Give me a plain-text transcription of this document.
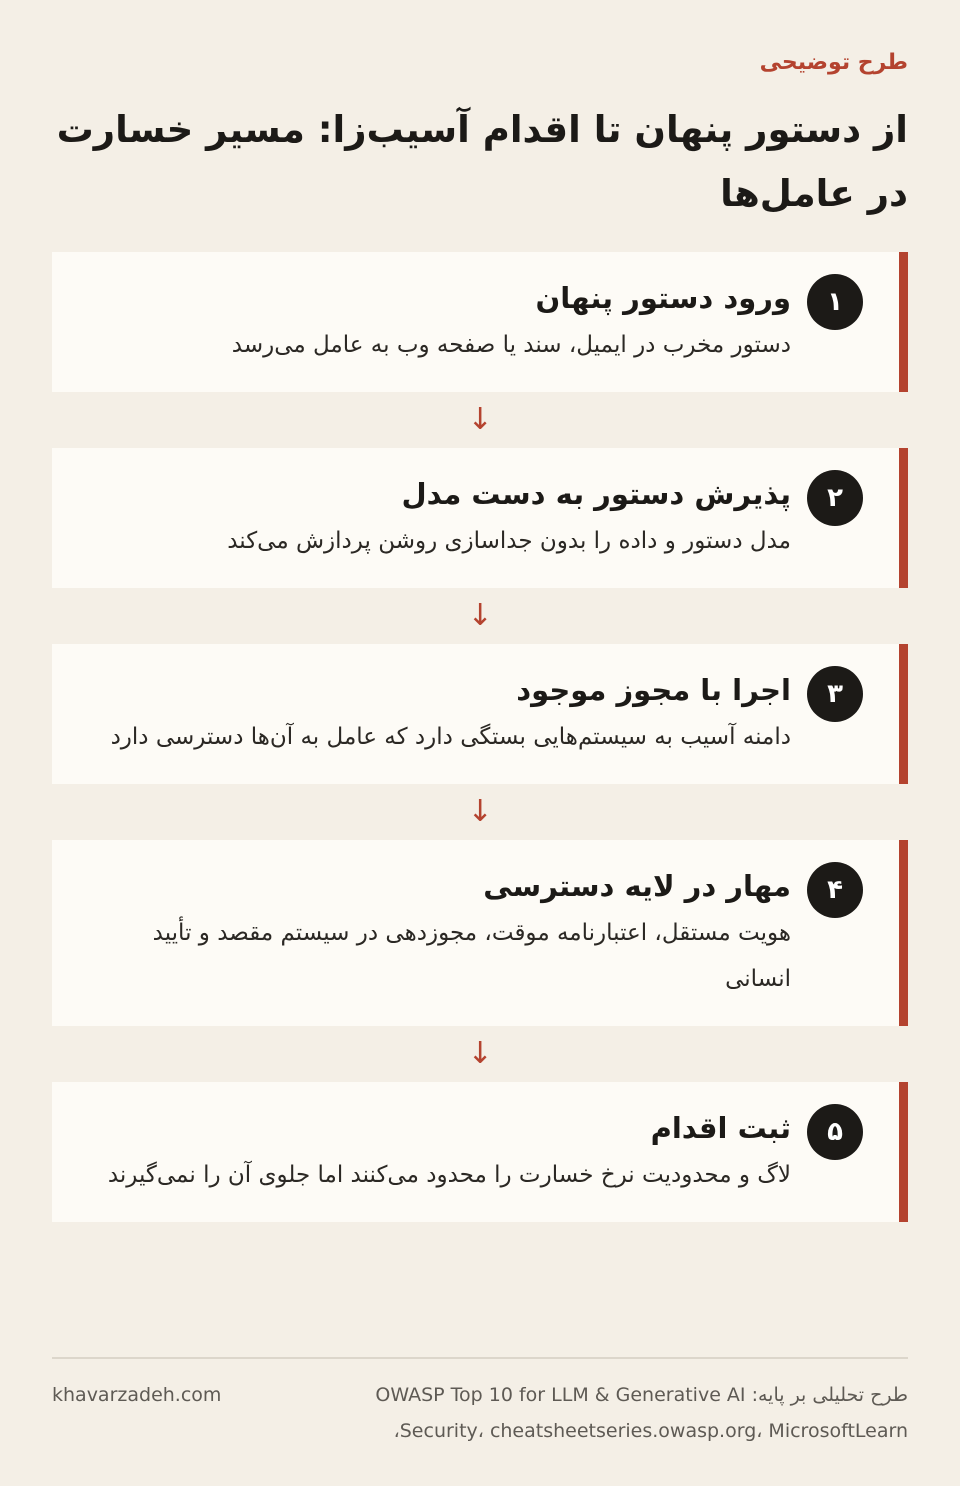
طرح توضیحی
از دستور پنهان تا اقدام آسیب‌زا: مسیر خسارت در عامل‌ها
۱
ورود دستور پنهان
دستور مخرب در ایمیل، سند یا صفحه وب به عامل می‌رسد
↓
۲
پذیرش دستور به دست مدل
مدل دستور و داده را بدون جداسازی روشن پردازش می‌کند
↓
۳
اجرا با مجوز موجود
دامنه آسیب به سیستم‌هایی بستگی دارد که عامل به آن‌ها دسترسی دارد
↓
۴
مهار در لایه دسترسی
هویت مستقل، اعتبارنامه موقت، مجوزدهی در سیستم مقصد و تأیید انسانی
↓
۵
ثبت اقدام
لاگ و محدودیت نرخ خسارت را محدود می‌کنند اما جلوی آن را نمی‌گیرند
طرح تحلیلی بر پایه: OWASP Top 10 for LLM & Generative AI Security، cheatsheetseries.owasp.org، MicrosoftLearn،
khavarzadeh.com
